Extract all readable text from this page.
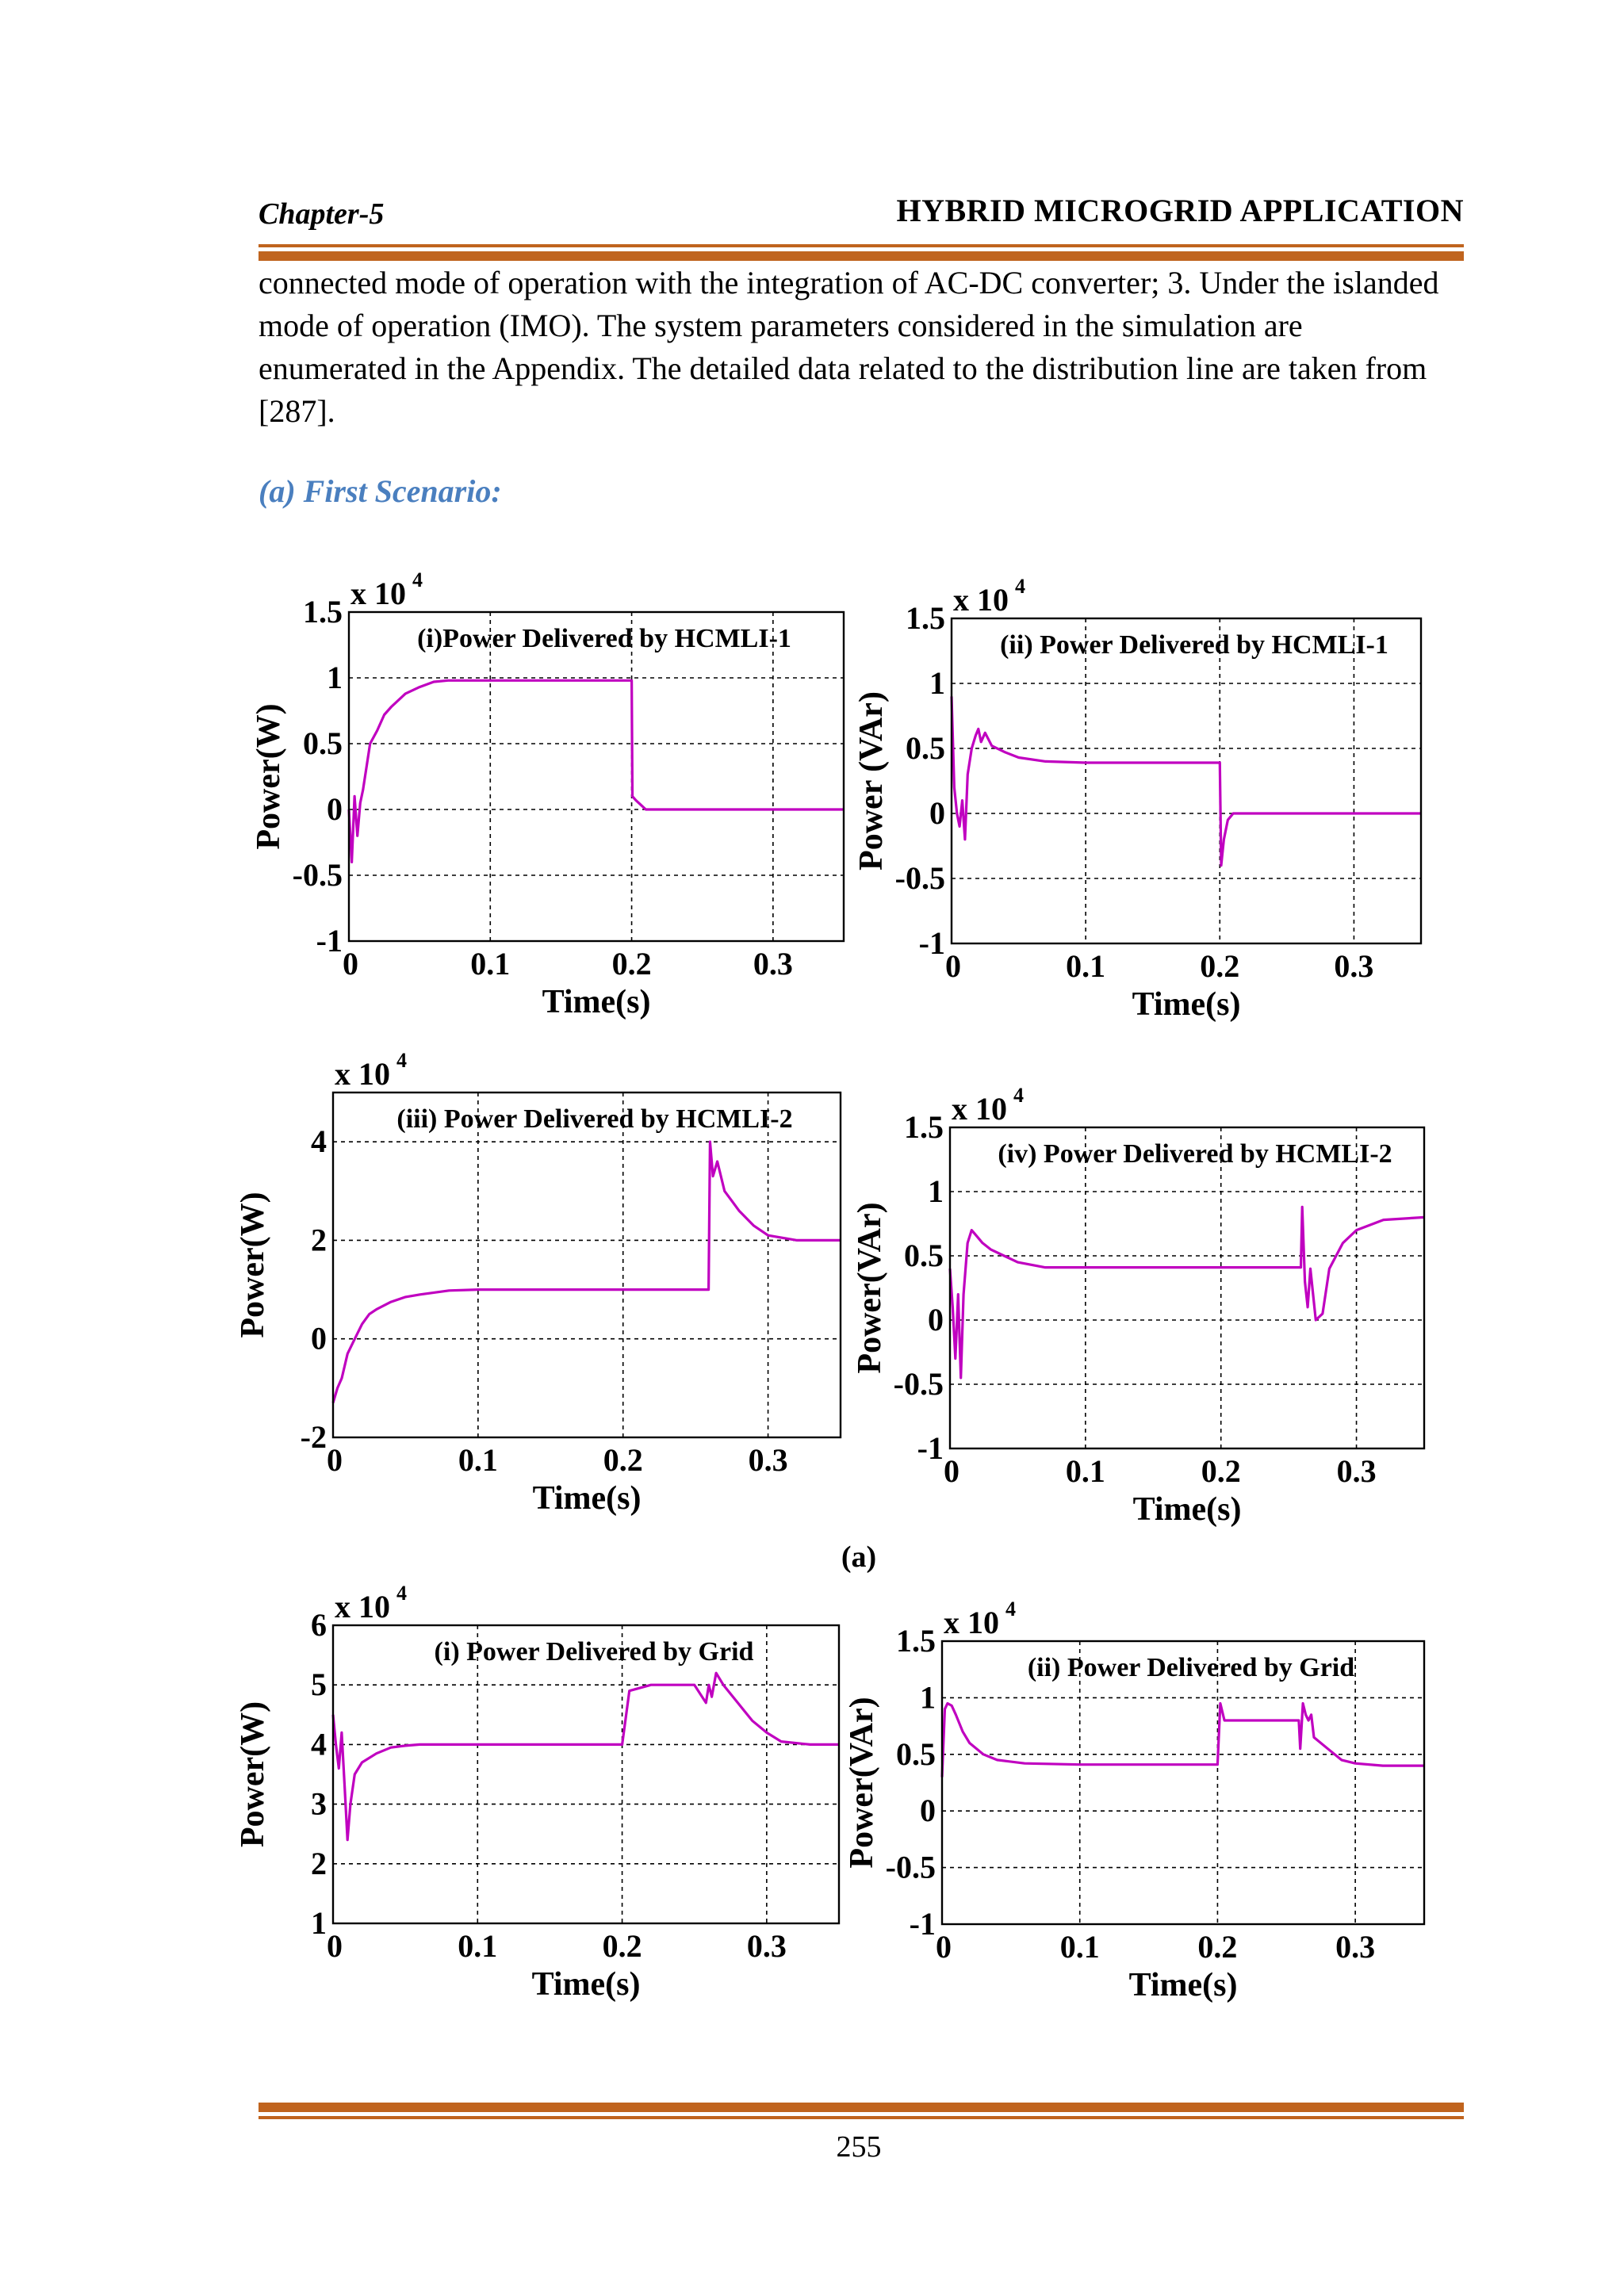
Chapter-5	HYBRID MICROGRID APPLICATION
connected mode of operation with the integration of AC-DC converter; 3. Under the islanded
mode of operation (IMO). The system parameters considered in the simulation are
enumerated in the Appendix. The detailed data related to the distribution line are taken from
[287].
(a) First Scenario:
0	0.1	0.2	0.3
-1
-0.5
0
0.5
1
1.5
x 10 4
(i)Power Delivered by HCMLI-1
Time(s)
Power(W)
0	0.1	0.2	0.3
-1
-0.5
0
0.5
1
1.5
x 10 4
(ii) Power Delivered by HCMLI-1
Time(s)
Power (VAr)
0	0.1	0.2	0.3
-2
0
2
4
x 10 4
(iii) Power Delivered by HCMLI-2
Time(s)
Power(W)
0	0.1	0.2	0.3
-1
-0.5
0
0.5
1
1.5
x 10 4
(iv) Power Delivered by HCMLI-2
Time(s)
Power(VAr)
0	0.1	0.2	0.3
1
2
3
4
5
6
x 10 4
(i) Power Delivered by Grid
Time(s)
Power(W)
0	0.1	0.2	0.3
-1
-0.5
0
0.5
1
1.5
x 10 4
(ii) Power Delivered by Grid
Time(s)
Power(VAr)
(a)
255
